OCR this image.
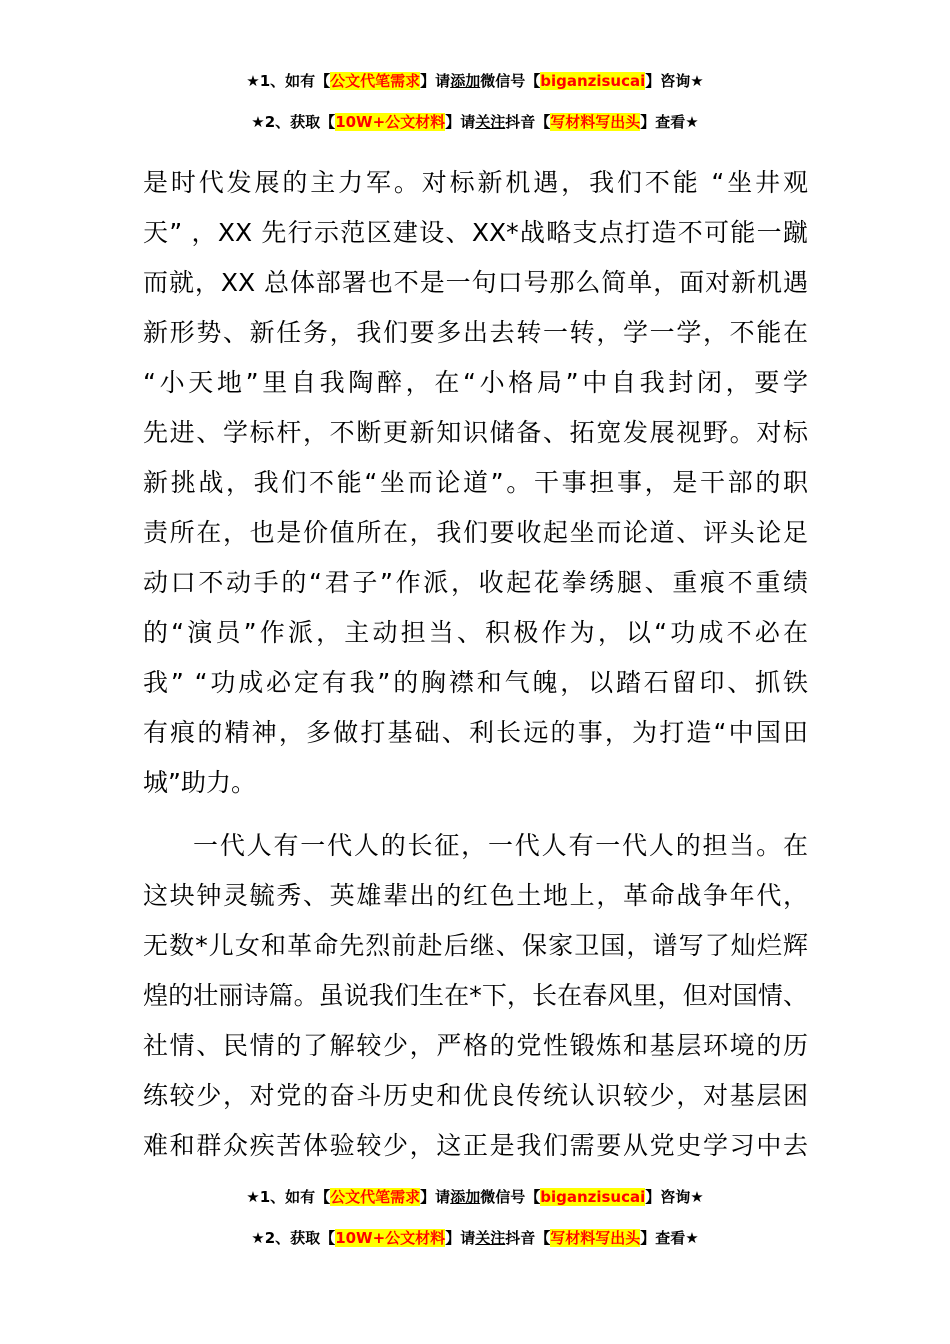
★1、如有【公文代笔需求】请添加微信号【biganzisucai】咨询★
★2、获取【10W+公文材料】请关注抖音【写材料写出头】查看★
是时代发展的主力军。对标新机遇，我们不能 “坐井观
天” ，XX 先行示范区建设、XX*战略支点打造不可能一蹴
而就，XX 总体部署也不是一句口号那么简单，面对新机遇
新形势、新任务，我们要多出去转一转，学一学，不能在
“小天地”里自我陶醉，在“小格局”中自我封闭，要学
先进、学标杆，不断更新知识储备、拓宽发展视野。对标
新挑战，我们不能“坐而论道”。干事担事，是干部的职
责所在，也是价值所在，我们要收起坐而论道、评头论足
动口不动手的“君子”作派，收起花拳绣腿、重痕不重绩
的“演员”作派，主动担当、积极作为，以“功成不必在
我” “功成必定有我”的胸襟和气魄，以踏石留印、抓铁
有痕的精神，多做打基础、利长远的事，为打造“中国田
城”助力。
一代人有一代人的长征，一代人有一代人的担当。在
这块钟灵毓秀、英雄辈出的红色土地上，革命战争年代，
无数*儿女和革命先烈前赴后继、保家卫国，谱写了灿烂辉
煌的壮丽诗篇。虽说我们生在*下，长在春风里，但对国情、
社情、民情的了解较少，严格的党性锻炼和基层环境的历
练较少，对党的奋斗历史和优良传统认识较少，对基层困
难和群众疾苦体验较少，这正是我们需要从党史学习中去
★1、如有【公文代笔需求】请添加微信号【biganzisucai】咨询★
★2、获取【10W+公文材料】请关注抖音【写材料写出头】查看★
